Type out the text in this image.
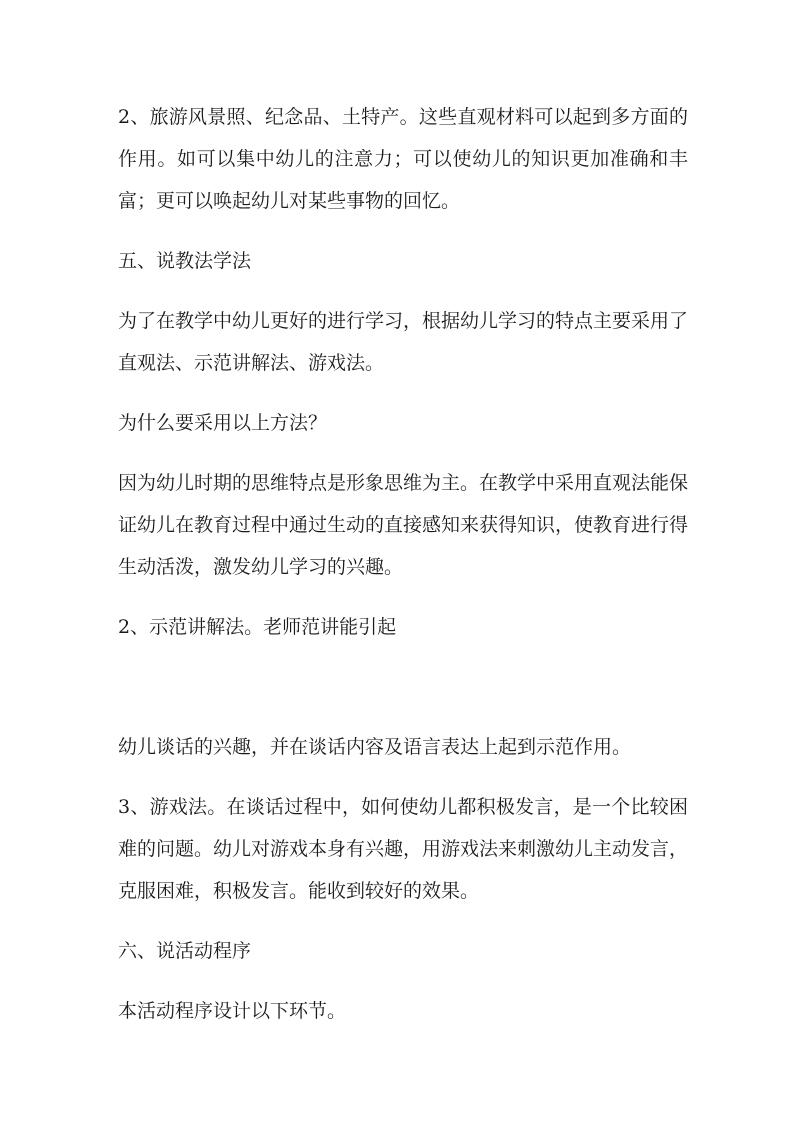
2、旅游风景照、纪念品、土特产。这些直观材料可以起到多方面的作用。如可以集中幼儿的注意力；可以使幼儿的知识更加准确和丰富；更可以唤起幼儿对某些事物的回忆。

五、说教法学法

为了在教学中幼儿更好的进行学习，根据幼儿学习的特点主要采用了直观法、示范讲解法、游戏法。

为什么要采用以上方法？

因为幼儿时期的思维特点是形象思维为主。在教学中采用直观法能保证幼儿在教育过程中通过生动的直接感知来获得知识，使教育进行得生动活泼，激发幼儿学习的兴趣。

2、示范讲解法。老师范讲能引起

幼儿谈话的兴趣，并在谈话内容及语言表达上起到示范作用。

3、游戏法。在谈话过程中，如何使幼儿都积极发言，是一个比较困难的问题。幼儿对游戏本身有兴趣，用游戏法来刺激幼儿主动发言，克服困难，积极发言。能收到较好的效果。

六、说活动程序

本活动程序设计以下环节。
